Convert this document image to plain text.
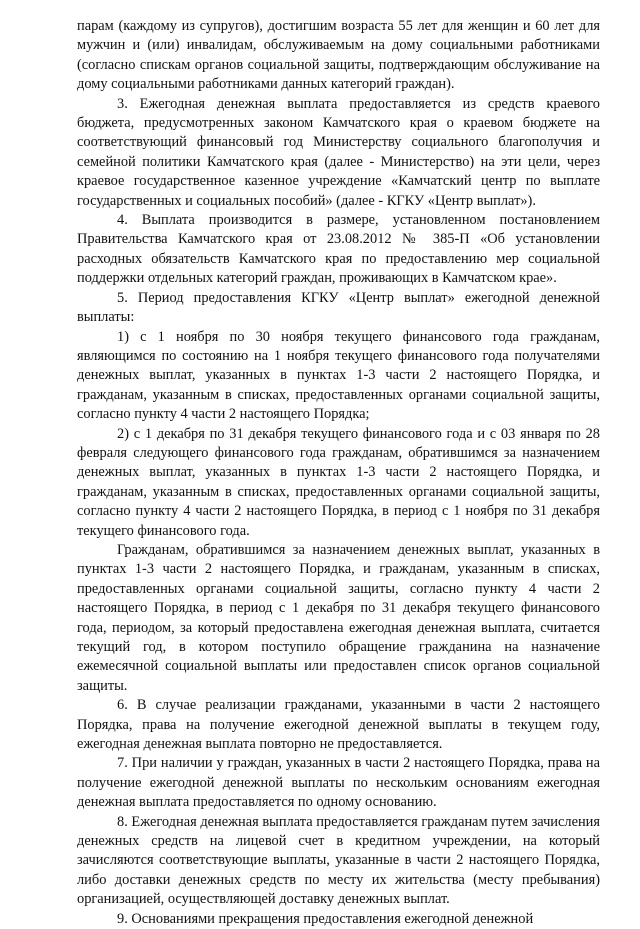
парам (каждому из супругов), достигшим возраста 55 лет для женщин и 60 лет для мужчин и (или) инвалидам, обслуживаемым на дому социальными работниками (согласно спискам органов социальной защиты, подтверждающим обслуживание на дому социальными работниками данных категорий граждан).

3. Ежегодная денежная выплата предоставляется из средств краевого бюджета, предусмотренных законом Камчатского края о краевом бюджете на соответствующий финансовый год Министерству социального благополучия и семейной политики Камчатского края (далее - Министерство) на эти цели, через краевое государственное казенное учреждение «Камчатский центр по выплате государственных и социальных пособий» (далее - КГКУ «Центр выплат»).

4. Выплата производится в размере, установленном постановлением Правительства Камчатского края от 23.08.2012 № 385-П «Об установлении расходных обязательств Камчатского края по предоставлению мер социальной поддержки отдельных категорий граждан, проживающих в Камчатском крае».

5. Период предоставления КГКУ «Центр выплат» ежегодной денежной выплаты:

1) с 1 ноября по 30 ноября текущего финансового года гражданам, являющимся по состоянию на 1 ноября текущего финансового года получателями денежных выплат, указанных в пунктах 1-3 части 2 настоящего Порядка, и гражданам, указанным в списках, предоставленных органами социальной защиты, согласно пункту 4 части 2 настоящего Порядка;

2) с 1 декабря по 31 декабря текущего финансового года и с 03 января по 28 февраля следующего финансового года гражданам, обратившимся за назначением денежных выплат, указанных в пунктах 1-3 части 2 настоящего Порядка, и гражданам, указанным в списках, предоставленных органами социальной защиты, согласно пункту 4 части 2 настоящего Порядка, в период с 1 ноября по 31 декабря текущего финансового года.

Гражданам, обратившимся за назначением денежных выплат, указанных в пунктах 1-3 части 2 настоящего Порядка, и гражданам, указанным в списках, предоставленных органами социальной защиты, согласно пункту 4 части 2 настоящего Порядка, в период с 1 декабря по 31 декабря текущего финансового года, периодом, за который предоставлена ежегодная денежная выплата, считается текущий год, в котором поступило обращение гражданина на назначение ежемесячной социальной выплаты или предоставлен список органов социальной защиты.

6. В случае реализации гражданами, указанными в части 2 настоящего Порядка, права на получение ежегодной денежной выплаты в текущем году, ежегодная денежная выплата повторно не предоставляется.

7. При наличии у граждан, указанных в части 2 настоящего Порядка, права на получение ежегодной денежной выплаты по нескольким основаниям ежегодная денежная выплата предоставляется по одному основанию.

8. Ежегодная денежная выплата предоставляется гражданам путем зачисления денежных средств на лицевой счет в кредитном учреждении, на который зачисляются соответствующие выплаты, указанные в части 2 настоящего Порядка, либо доставки денежных средств по месту их жительства (месту пребывания) организацией, осуществляющей доставку денежных выплат.

9. Основаниями прекращения предоставления ежегодной денежной
